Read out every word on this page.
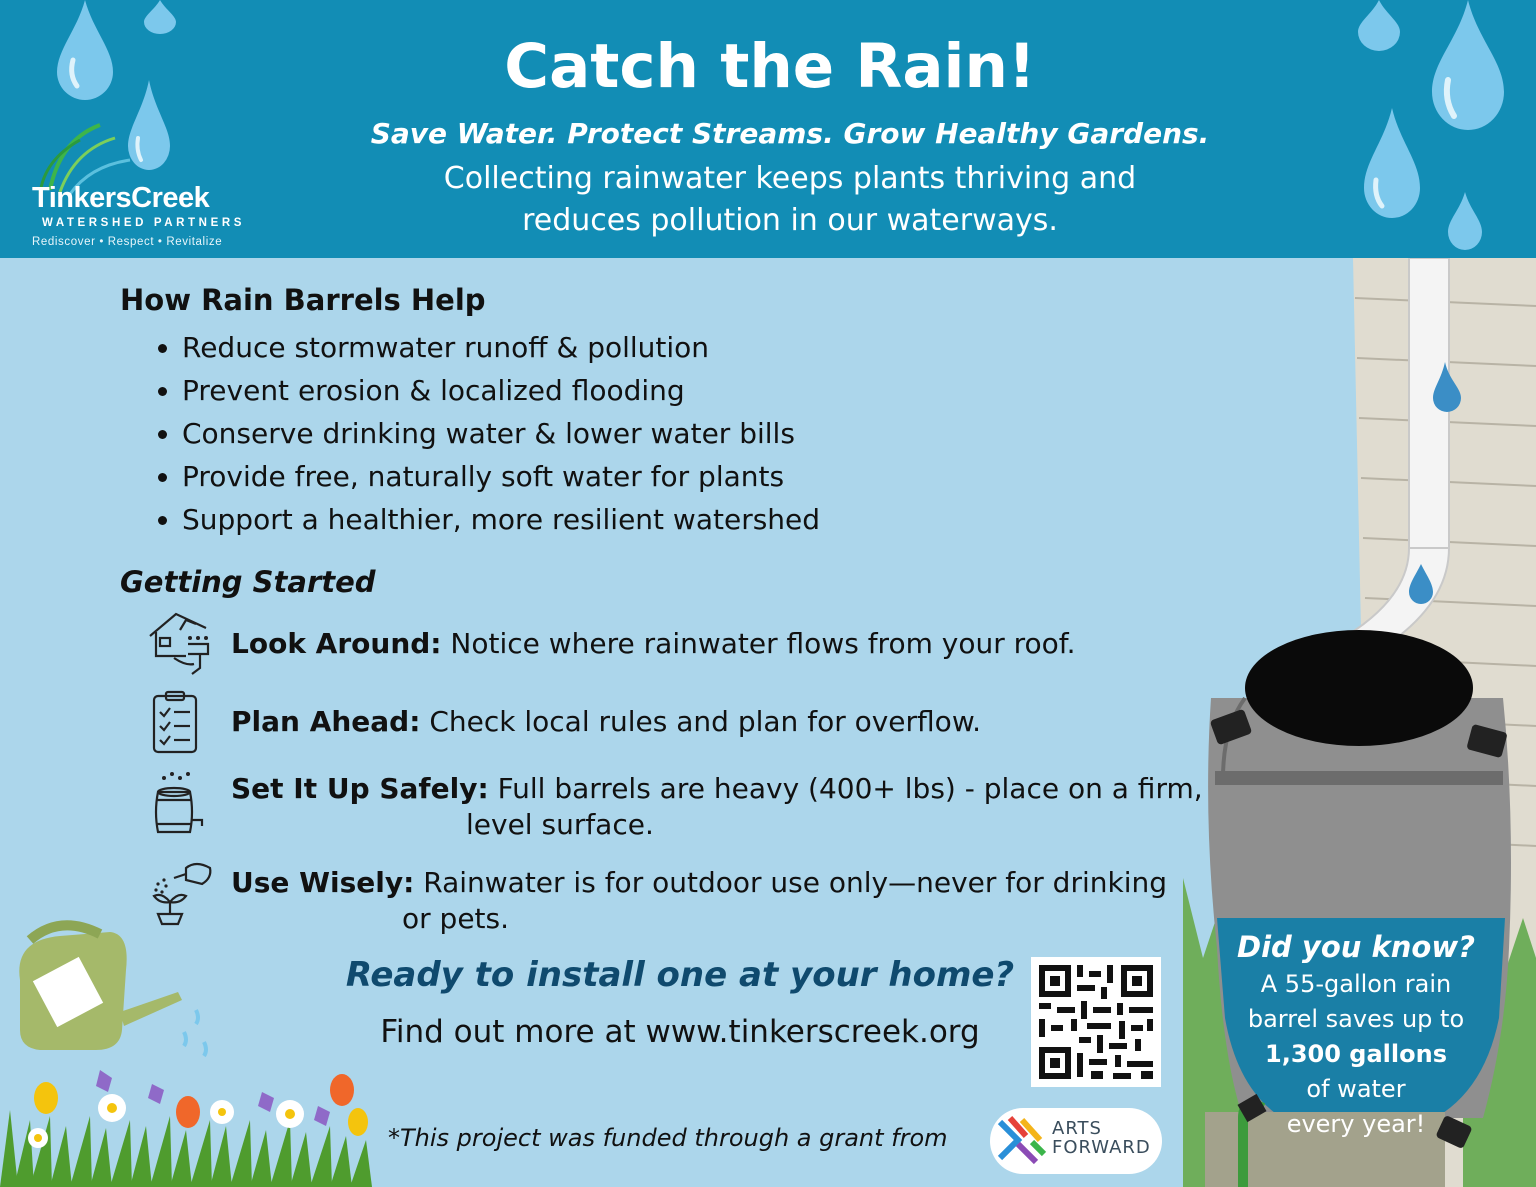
TinkersCreek
WATERSHED PARTNERS
Rediscover • Respect • Revitalize
Catch the Rain!
Save Water. Protect Streams. Grow Healthy Gardens.
Collecting rainwater keeps plants thriving and
reduces pollution in our waterways.
How Rain Barrels Help
• Reduce stormwater runoff & pollution
• Prevent erosion & localized flooding
• Conserve drinking water & lower water bills
• Provide free, naturally soft water for plants
• Support a healthier, more resilient watershed
Getting Started
Look Around: Notice where rainwater flows from your roof.
Plan Ahead: Check local rules and plan for overflow.
Set It Up Safely: Full barrels are heavy (400+ lbs) - place on a firm,
level surface.
Use Wisely: Rainwater is for outdoor use only—never for drinking
or pets.
Ready to install one at your home?
Find out more at www.tinkerscreek.org
*This project was funded through a grant from	ARTS
FORWARD
Did you know?
A 55-gallon rain
barrel saves up to
1,300 gallons
of water
every year!
